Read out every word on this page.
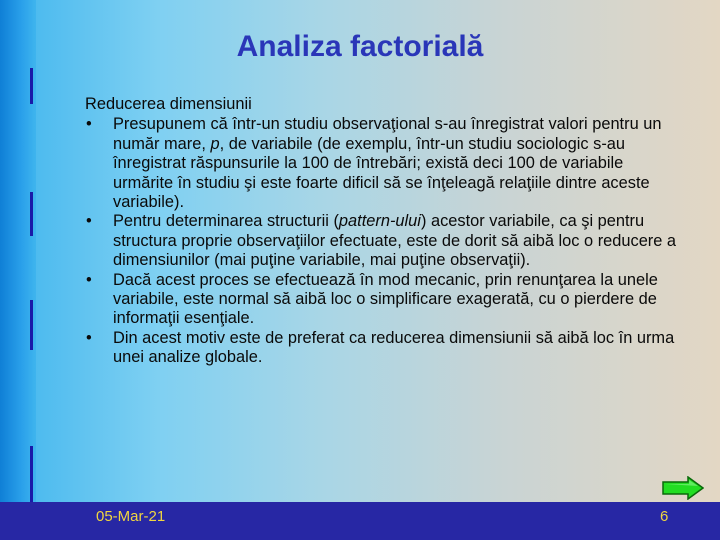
Analiza factorială
Reducerea dimensiunii
• Presupunem că într-un studiu observaţional s-au înregistrat valori pentru un număr mare, p, de variabile (de exemplu, într-un studiu sociologic s-au înregistrat răspunsurile la 100 de întrebări; există deci 100 de variabile urmărite în studiu şi este foarte dificil să se înţeleagă relaţiile dintre aceste variabile).
• Pentru determinarea structurii (pattern-ului) acestor variabile, ca şi pentru structura proprie observaţiilor efectuate, este de dorit să aibă loc o reducere a dimensiunilor (mai puţine variabile, mai puţine observaţii).
• Dacă acest proces se efectuează în mod mecanic, prin renunţarea la unele variabile, este normal să aibă loc o simplificare exagerată, cu o pierdere de informaţii esenţiale.
• Din acest motiv este de preferat ca reducerea dimensiunii să aibă loc în urma unei analize globale.
05-Mar-21	6
